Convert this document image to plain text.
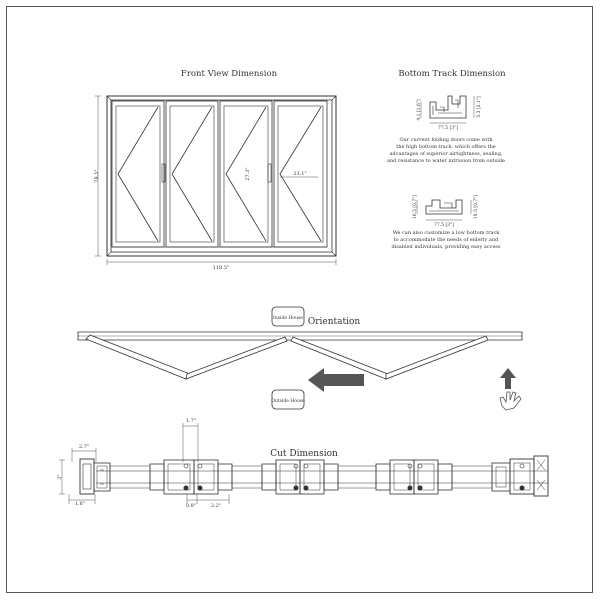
Front View Dimension
78.5"
118.5"
27.3"	23.1"
Bottom Track Dimension
4.1 [1.6"]	5.3 [2.1"]
77.5 [3"]
Our current folding doors come with
the high bottom track, which offers the
advantages of superior airtightness, sealing,
and resistance to water intrusion from outside
16.5 [0.7"]	18.5 [0.7"]
77.5 [3"]
We can also customize a low bottom track
to accommodate the needs of elderly and
disabled individuals, providing easy access
Inside House Orientation
Outside House
Cut Dimension
2.7"
1.7"
3"
1.6"	0.8"	2.2"
